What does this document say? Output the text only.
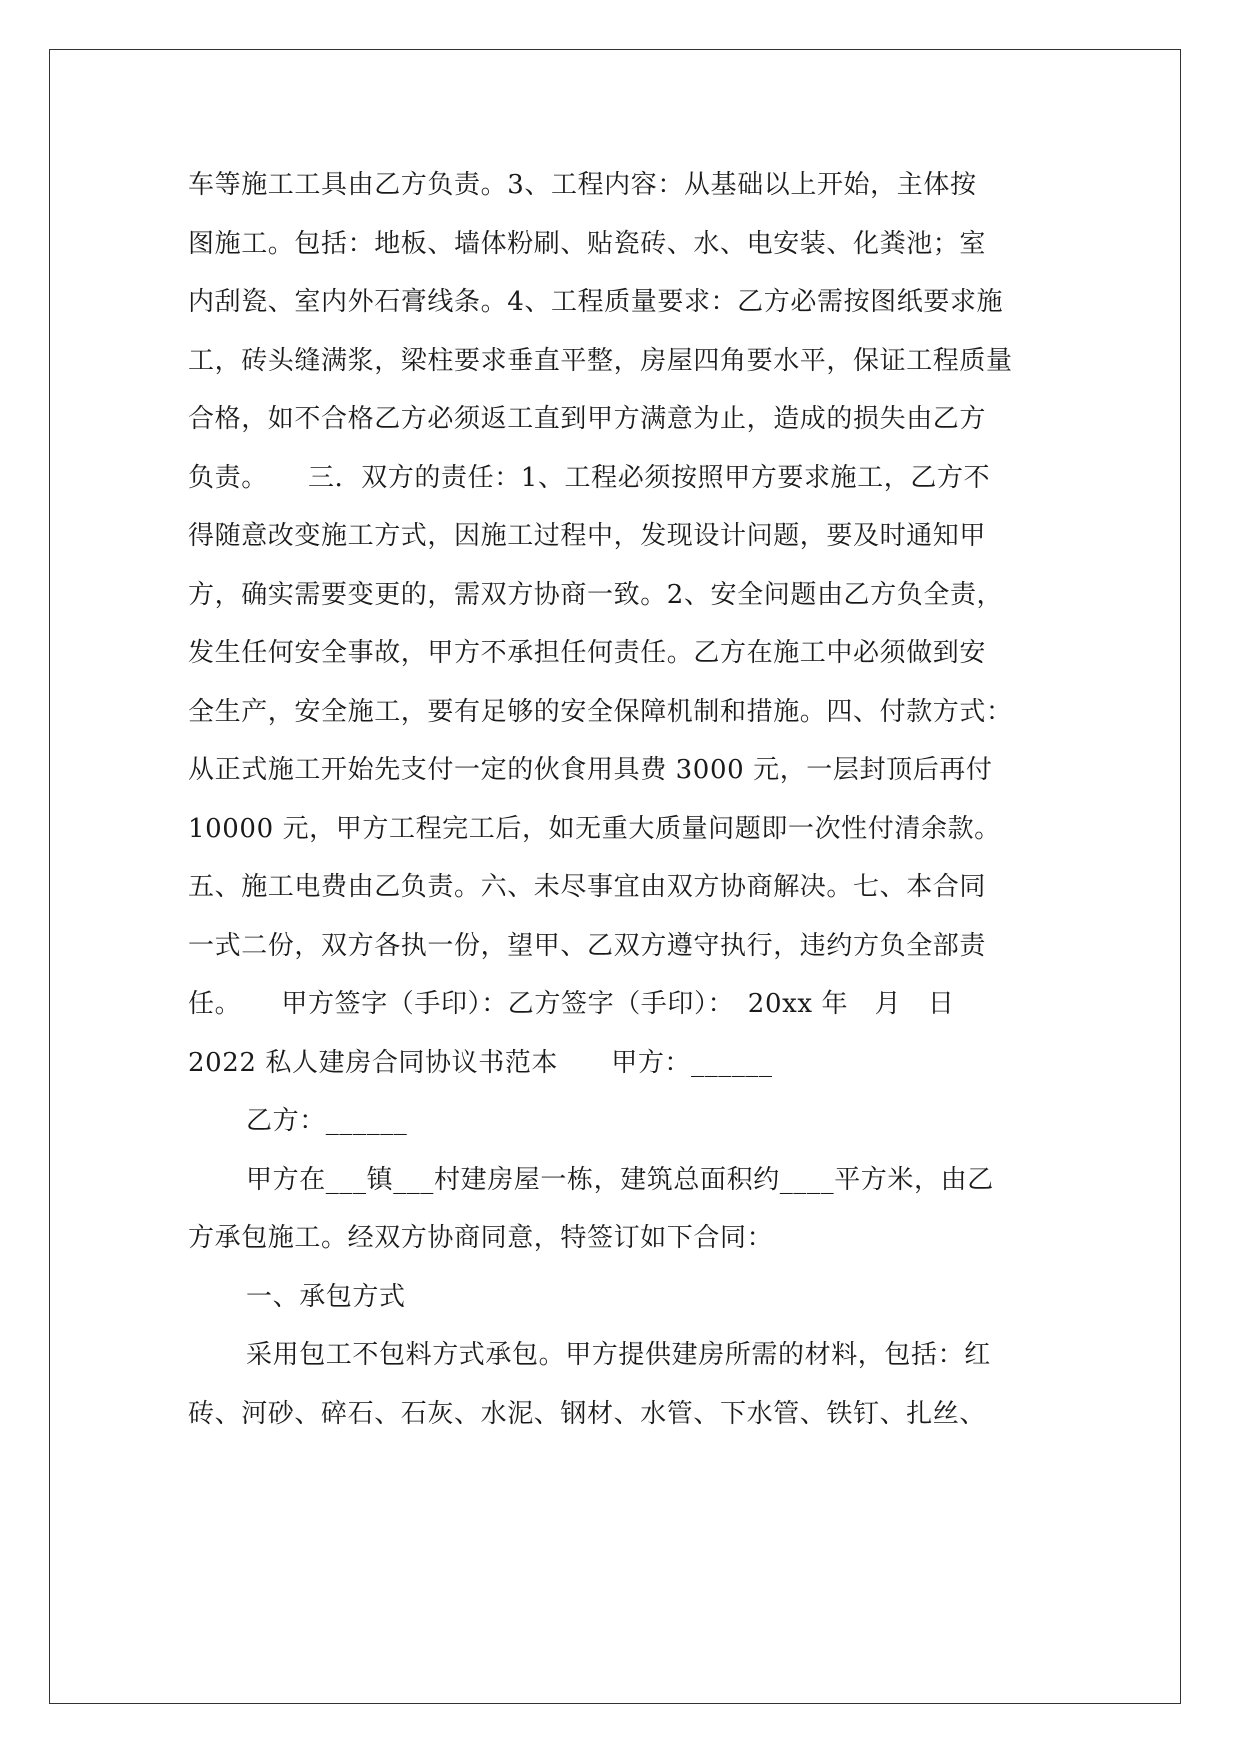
车等施工工具由乙方负责。3、工程内容：从基础以上开始，主体按
图施工。包括：地板、墙体粉刷、贴瓷砖、水、电安装、化粪池；室
内刮瓷、室内外石膏线条。4、工程质量要求：乙方必需按图纸要求施
工，砖头缝满浆，梁柱要求垂直平整，房屋四角要水平，保证工程质量
合格，如不合格乙方必须返工直到甲方满意为止，造成的损失由乙方
负责。　　三．双方的责任：1、工程必须按照甲方要求施工，乙方不
得随意改变施工方式，因施工过程中，发现设计问题，要及时通知甲
方，确实需要变更的，需双方协商一致。2、安全问题由乙方负全责，
发生任何安全事故，甲方不承担任何责任。乙方在施工中必须做到安
全生产，安全施工，要有足够的安全保障机制和措施。四、付款方式：
从正式施工开始先支付一定的伙食用具费 3000 元，一层封顶后再付
10000 元，甲方工程完工后，如无重大质量问题即一次性付清余款。
五、施工电费由乙负责。六、未尽事宜由双方协商解决。七、本合同
一式二份，双方各执一份，望甲、乙双方遵守执行，违约方负全部责
任。　　甲方签字（手印）：乙方签字（手印）：　20xx 年　月　日
2022 私人建房合同协议书范本　　甲方：______
乙方：______
甲方在___镇___村建房屋一栋，建筑总面积约____平方米，由乙
方承包施工。经双方协商同意，特签订如下合同：
一、承包方式
采用包工不包料方式承包。甲方提供建房所需的材料，包括：红
砖、河砂、碎石、石灰、水泥、钢材、水管、下水管、铁钉、扎丝、
